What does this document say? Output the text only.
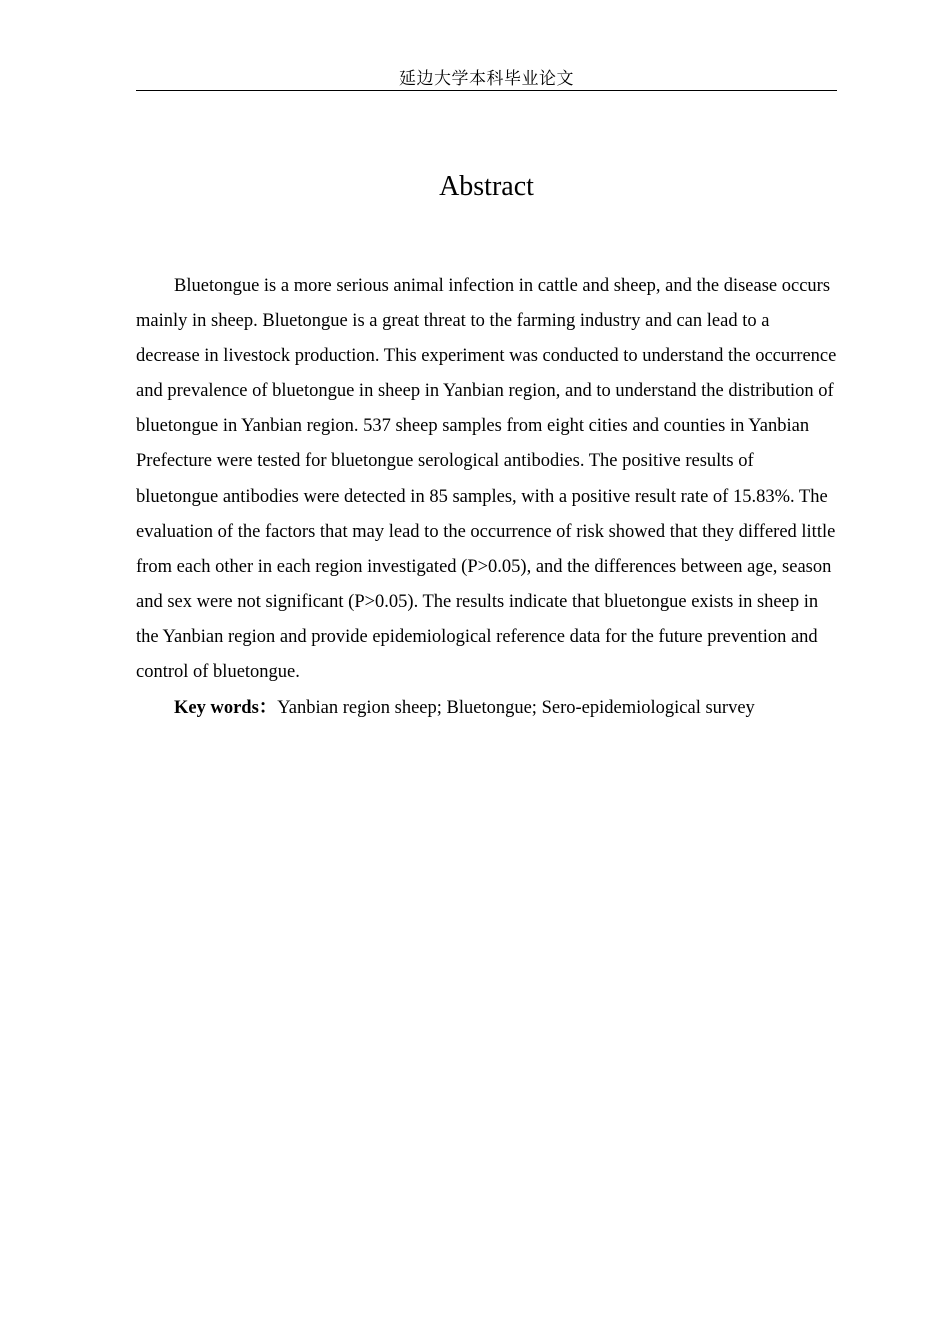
延边大学本科毕业论文
Abstract

Bluetongue is a more serious animal infection in cattle and sheep, and the disease occurs mainly in sheep. Bluetongue is a great threat to the farming industry and can lead to a decrease in livestock production. This experiment was conducted to understand the occurrence and prevalence of bluetongue in sheep in Yanbian region, and to understand the distribution of bluetongue in Yanbian region. 537 sheep samples from eight cities and counties in Yanbian Prefecture were tested for bluetongue serological antibodies. The positive results of bluetongue antibodies were detected in 85 samples, with a positive result rate of 15.83%. The evaluation of the factors that may lead to the occurrence of risk showed that they differed little from each other in each region investigated (P>0.05), and the differences between age, season and sex were not significant (P>0.05). The results indicate that bluetongue exists in sheep in the Yanbian region and provide epidemiological reference data for the future prevention and control of bluetongue.

Key words：Yanbian region sheep; Bluetongue; Sero-epidemiological survey
